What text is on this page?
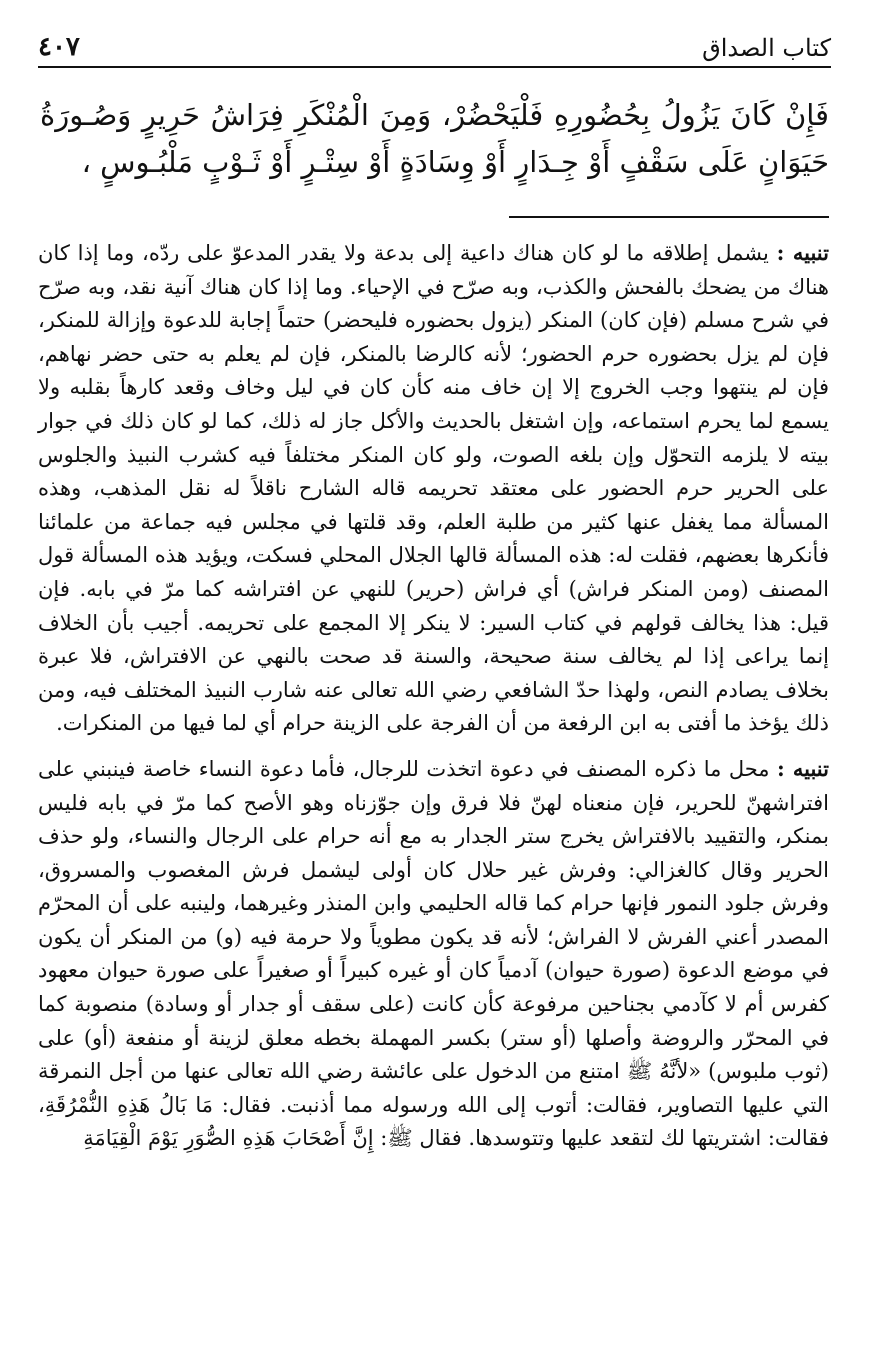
كتاب الصداق
٤٠٧
فَإِنْ كَانَ يَزُولُ بِحُضُورِهِ فَلْيَحْضُرْ، وَمِنَ الْمُنْكَرِ فِرَاشُ حَرِيرٍ وَصُـورَةُ حَيَوَانٍ عَلَى سَقْفٍ أَوْ جِـدَارٍ أَوْ وِسَادَةٍ أَوْ سِتْـرٍ أَوْ ثَـوْبٍ مَلْبُـوسٍ ،

تنبيه : يشمل إطلاقه ما لو كان هناك داعية إلى بدعة ولا يقدر المدعوّ على ردّه، وما إذا كان هناك من يضحك بالفحش والكذب، وبه صرّح في الإحياء. وما إذا كان هناك آنية نقد، وبه صرّح في شرح مسلم (فإن كان) المنكر (يزول بحضوره فليحضر) حتماً إجابة للدعوة وإزالة للمنكر، فإن لم يزل بحضوره حرم الحضور؛ لأنه كالرضا بالمنكر، فإن لم يعلم به حتى حضر نهاهم، فإن لم ينتهوا وجب الخروج إلا إن خاف منه كأن كان في ليل وخاف وقعد كارهاً بقلبه ولا يسمع لما يحرم استماعه، وإن اشتغل بالحديث والأكل جاز له ذلك، كما لو كان ذلك في جوار بيته لا يلزمه التحوّل وإن بلغه الصوت، ولو كان المنكر مختلفاً فيه كشرب النبيذ والجلوس على الحرير حرم الحضور على معتقد تحريمه قاله الشارح ناقلاً له نقل المذهب، وهذه المسألة مما يغفل عنها كثير من طلبة العلم، وقد قلتها في مجلس فيه جماعة من علمائنا فأنكرها بعضهم، فقلت له: هذه المسألة قالها الجلال المحلي فسكت، ويؤيد هذه المسألة قول المصنف (ومن المنكر فراش) أي فراش (حرير) للنهي عن افتراشه كما مرّ في بابه. فإن قيل: هذا يخالف قولهم في كتاب السير: لا ينكر إلا المجمع على تحريمه. أجيب بأن الخلاف إنما يراعى إذا لم يخالف سنة صحيحة، والسنة قد صحت بالنهي عن الافتراش، فلا عبرة بخلاف يصادم النص، ولهذا حدّ الشافعي رضي الله تعالى عنه شارب النبيذ المختلف فيه، ومن ذلك يؤخذ ما أفتى به ابن الرفعة من أن الفرجة على الزينة حرام أي لما فيها من المنكرات.

تنبيه : محل ما ذكره المصنف في دعوة اتخذت للرجال، فأما دعوة النساء خاصة فينبني على افتراشهنّ للحرير، فإن منعناه لهنّ فلا فرق وإن جوّزناه وهو الأصح كما مرّ في بابه فليس بمنكر، والتقييد بالافتراش يخرج ستر الجدار به مع أنه حرام على الرجال والنساء، ولو حذف الحرير وقال كالغزالي: وفرش غير حلال كان أولى ليشمل فرش المغصوب والمسروق، وفرش جلود النمور فإنها حرام كما قاله الحليمي وابن المنذر وغيرهما، ولينبه على أن المحرّم المصدر أعني الفرش لا الفراش؛ لأنه قد يكون مطوياً ولا حرمة فيه (و) من المنكر أن يكون في موضع الدعوة (صورة حيوان) آدمياً كان أو غيره كبيراً أو صغيراً على صورة حيوان معهود كفرس أم لا كآدمي بجناحين مرفوعة كأن كانت (على سقف أو جدار أو وسادة) منصوبة كما في المحرّر والروضة وأصلها (أو ستر) بكسر المهملة بخطه معلق لزينة أو منفعة (أو) على (ثوب ملبوس) «لأنَّهُ ﷺ امتنع من الدخول على عائشة رضي الله تعالى عنها من أجل النمرقة التي عليها التصاوير، فقالت: أتوب إلى الله ورسوله مما أذنبت. فقال: مَا بَالُ هَذِهِ النُّمْرُقَةِ، فقالت: اشتريتها لك لتقعد عليها وتتوسدها. فقال ﷺ: إِنَّ أَصْحَابَ هَذِهِ الصُّوَرِ يَوْمَ الْقِيَامَةِ
